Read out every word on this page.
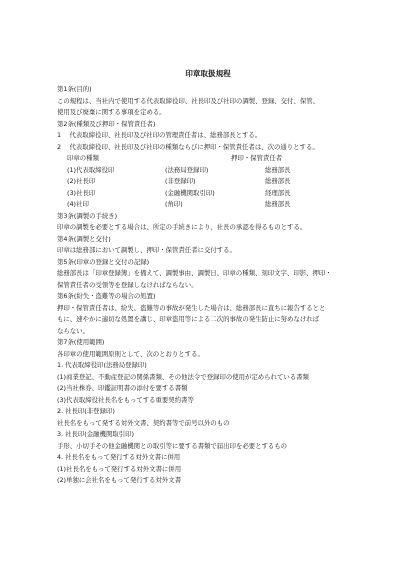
印章取扱規程
第1条(目的)
この規程は、当社内で使用する代表取締役印、社長印及び社印の調製、登録、交付、保管、
使用及び廃棄に関する事項を定める。
第2条(種類及び押印・保管責任者)
1 　代表取締役印、社長印及び社印の管理責任者は、総務部長とする。
2 　代表取締役印、社長印及び社印の種類ならびに押印・保管責任者は、次の通りとする。
印章の種類	押印・保管責任者
(1)代表取締役印	(法務局登録印)	総務部長
(2)社長印	(非登録印)	総務部長
(3)社長印	(金融機関取引印)	経理部長
(4)社印	(角印)	総務部長
第3条(調製の手続き)
印章の調製を必要とする場合は、所定の手続きにより、社長の承認を得るものとする。
第4条(調製と交付)
印章は総務部において調製し、押印・保管責任者に交付する。
第5条(印章の登録と交付の記録)
総務部長は「印章登録簿」を備えて、調製事由、調製日、印章の種類、刻印文字、印影、押印・
保管責任者の受領等を登録しなければならない。
第6条(紛失・盗難等の場合の処置)
押印・保管責任者は、紛失、盗難等の事故が発生した場合は、総務部長に直ちに報告するとと
もに、速やかに適切な処置を講じ、印章盗用等による二次的事故の発生防止に努めなければ
ならない。
第7条(使用範囲)
各印章の使用範囲原則として、次のとおりとする。
1. 代表取締役印(法務局登録印)
(1)商業登記、不動産登記の関係書類、その他法令で登録印の使用が定められている書類
(2)当社株券、印鑑証明書の添付を要する書類
(3)代表取締役社長名をもってする重要契約書等
2. 社長印(非登録印)
社長名をもって発する対外文書、契約書等で前号以外のもの
3. 社長印(金融機関取引印)
手形、小切手その他金融機関との取引等に要する書類で届出印を必要とするもの
4. 社長名をもって発行する対外文書に併用
(1)社長名をもって発行する対外文書に併用
(2)単独に会社名をもって発行する対外文書
